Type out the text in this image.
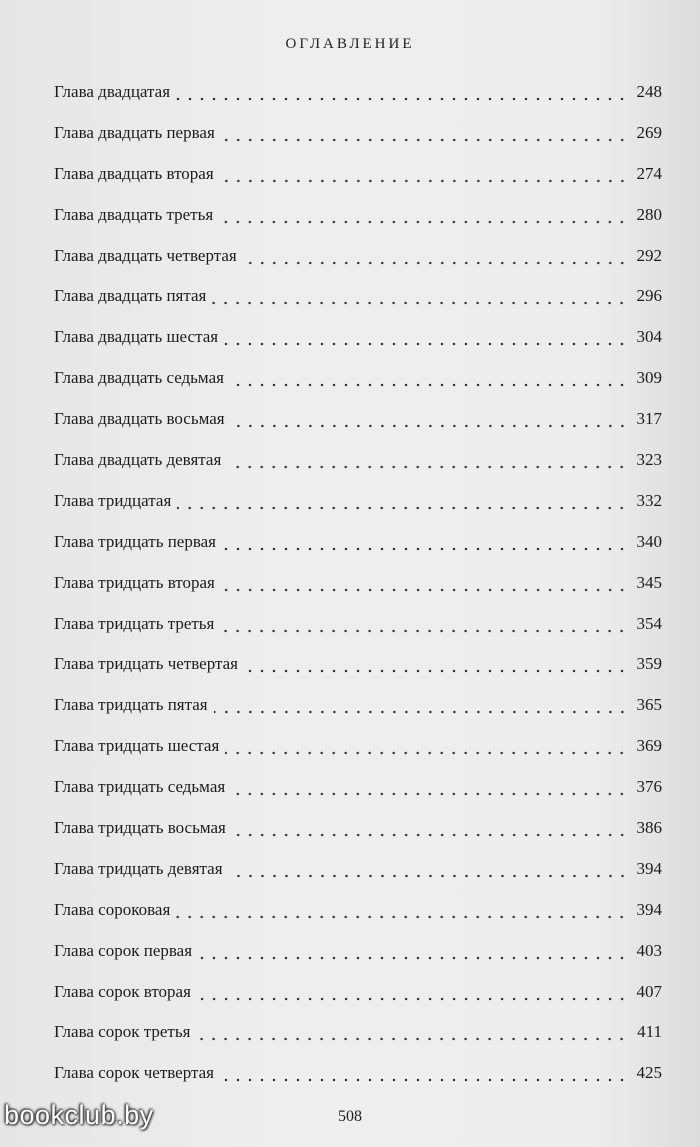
ОГЛАВЛЕНИЕ
Глава двадцатая	248
Глава двадцать первая	269
Глава двадцать вторая	274
Глава двадцать третья	280
Глава двадцать четвертая	292
Глава двадцать пятая	296
Глава двадцать шестая	304
Глава двадцать седьмая	309
Глава двадцать восьмая	317
Глава двадцать девятая	323
Глава тридцатая	332
Глава тридцать первая	340
Глава тридцать вторая	345
Глава тридцать третья	354
Глава тридцать четвертая	359
Глава тридцать пятая	365
Глава тридцать шестая	369
Глава тридцать седьмая	376
Глава тридцать восьмая	386
Глава тридцать девятая	394
Глава сороковая	394
Глава сорок первая	403
Глава сорок вторая	407
Глава сорок третья	411
Глава сорок четвертая	425
508
bookclub.by
